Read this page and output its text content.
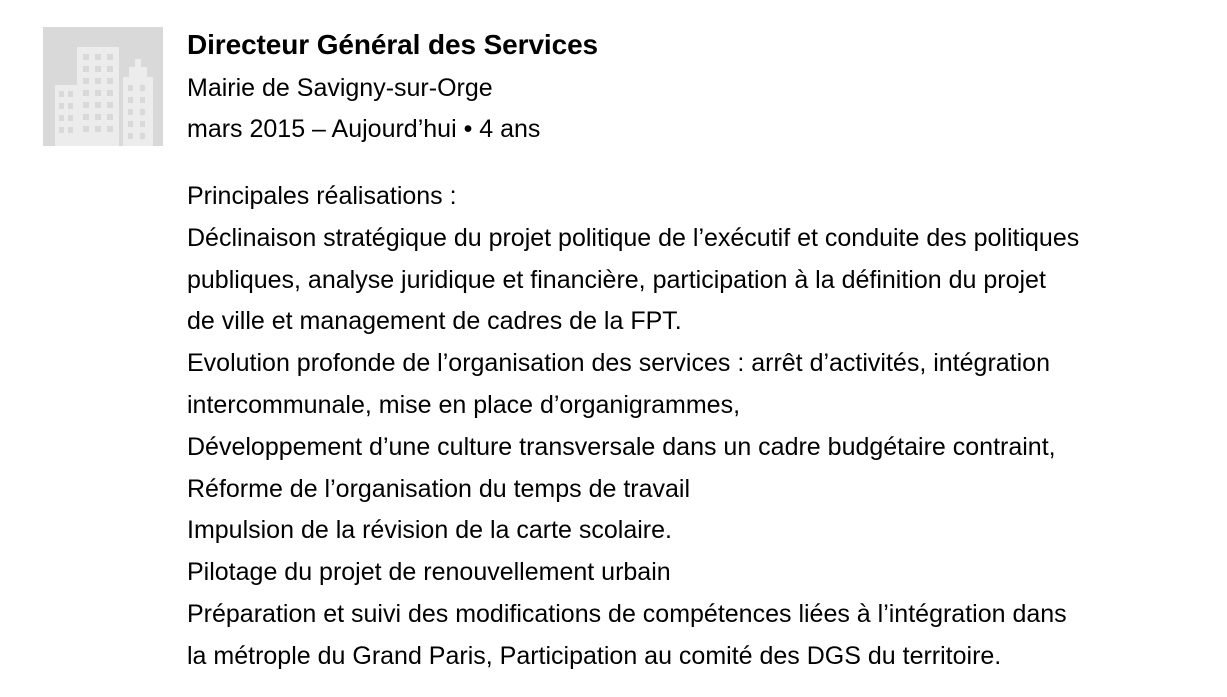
Directeur Général des Services
Mairie de Savigny-sur-Orge
mars 2015 – Aujourd’hui • 4 ans
Principales réalisations :
Déclinaison stratégique du projet politique de l’exécutif et conduite des politiques
publiques, analyse juridique et financière, participation à la définition du projet
de ville et management de cadres de la FPT.
Evolution profonde de l’organisation des services : arrêt d’activités, intégration
intercommunale, mise en place d’organigrammes,
Développement d’une culture transversale dans un cadre budgétaire contraint,
Réforme de l’organisation du temps de travail
Impulsion de la révision de la carte scolaire.
Pilotage du projet de renouvellement urbain
Préparation et suivi des modifications de compétences liées à l’intégration dans
la métrople du Grand Paris, Participation au comité des DGS du territoire.
